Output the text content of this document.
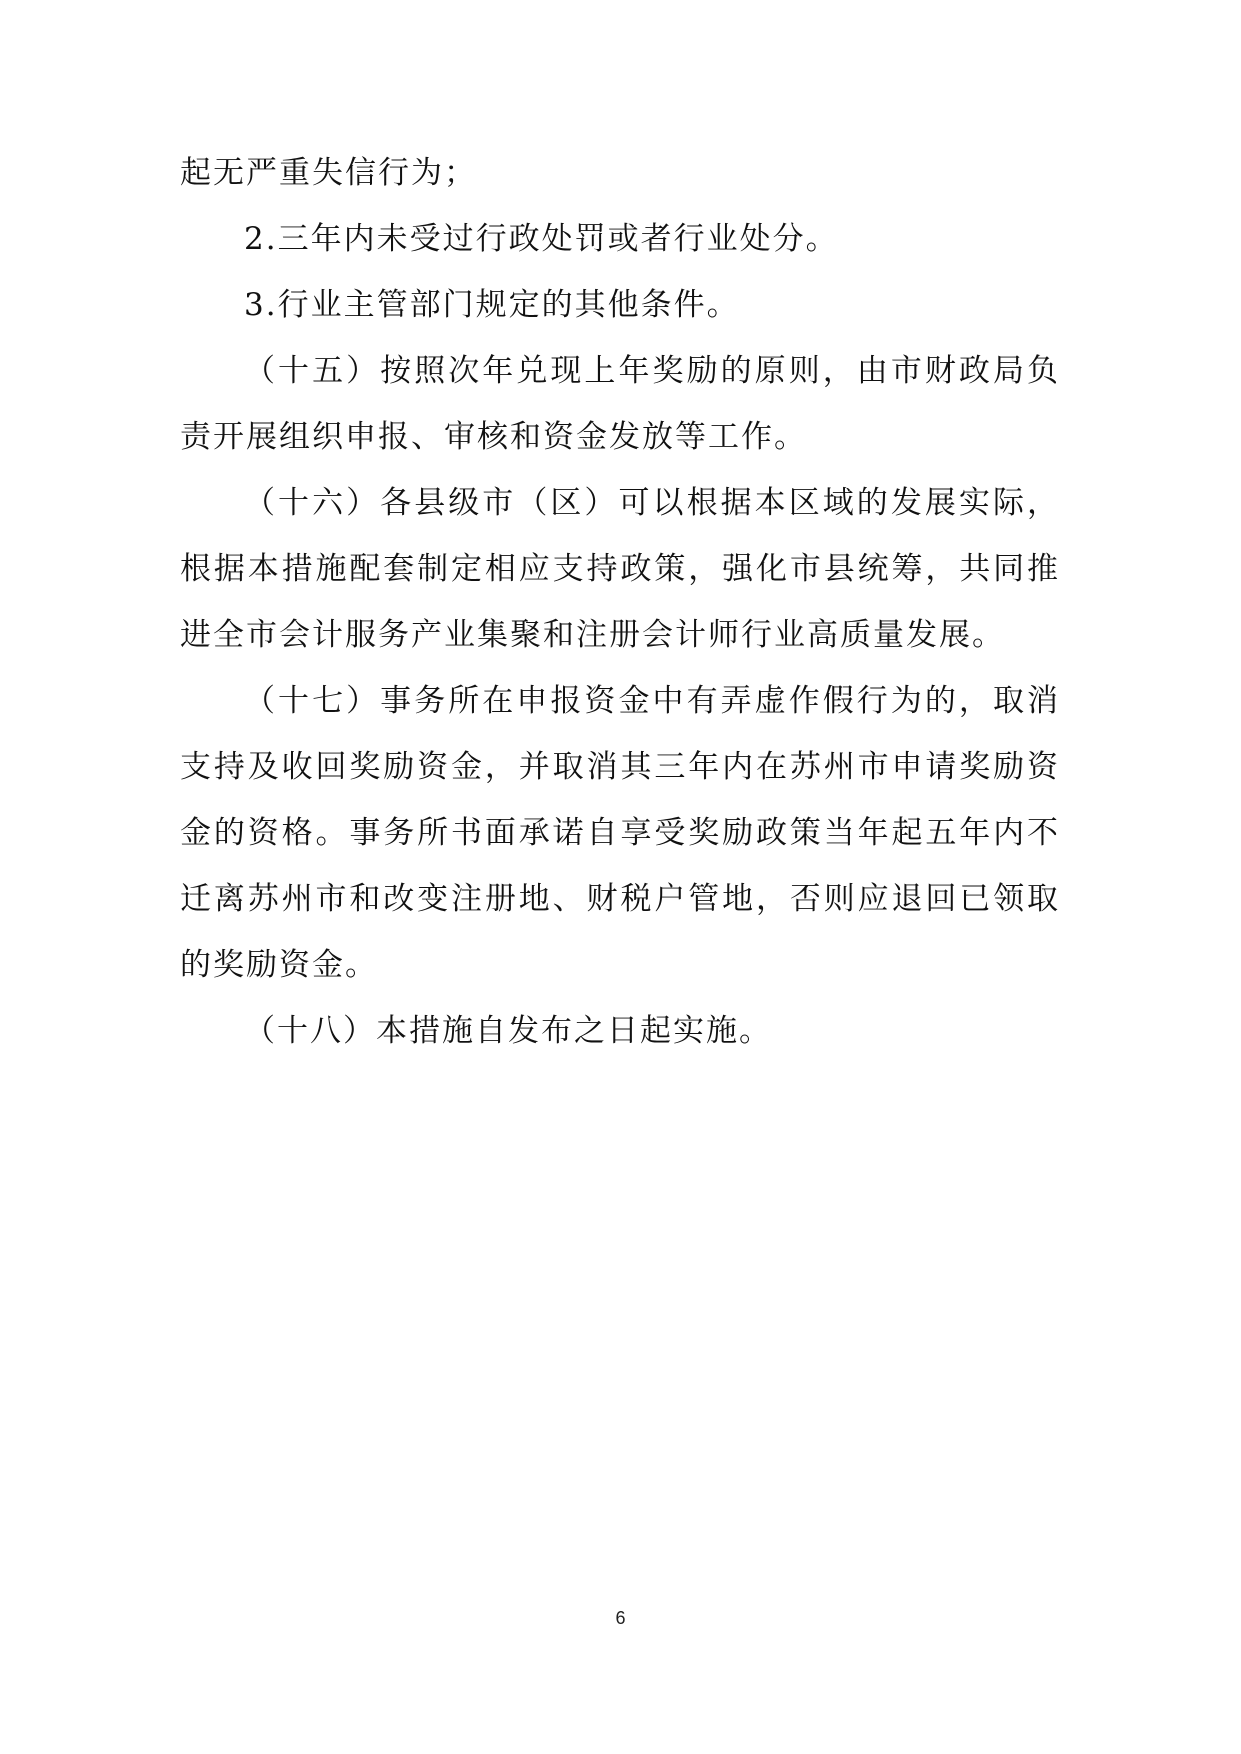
起无严重失信行为；

2.三年内未受过行政处罚或者行业处分。

3.行业主管部门规定的其他条件。

（十五）按照次年兑现上年奖励的原则，由市财政局负责开展组织申报、审核和资金发放等工作。

（十六）各县级市（区）可以根据本区域的发展实际，根据本措施配套制定相应支持政策，强化市县统筹，共同推进全市会计服务产业集聚和注册会计师行业高质量发展。

（十七）事务所在申报资金中有弄虚作假行为的，取消支持及收回奖励资金，并取消其三年内在苏州市申请奖励资金的资格。事务所书面承诺自享受奖励政策当年起五年内不迁离苏州市和改变注册地、财税户管地，否则应退回已领取的奖励资金。

（十八）本措施自发布之日起实施。

6
